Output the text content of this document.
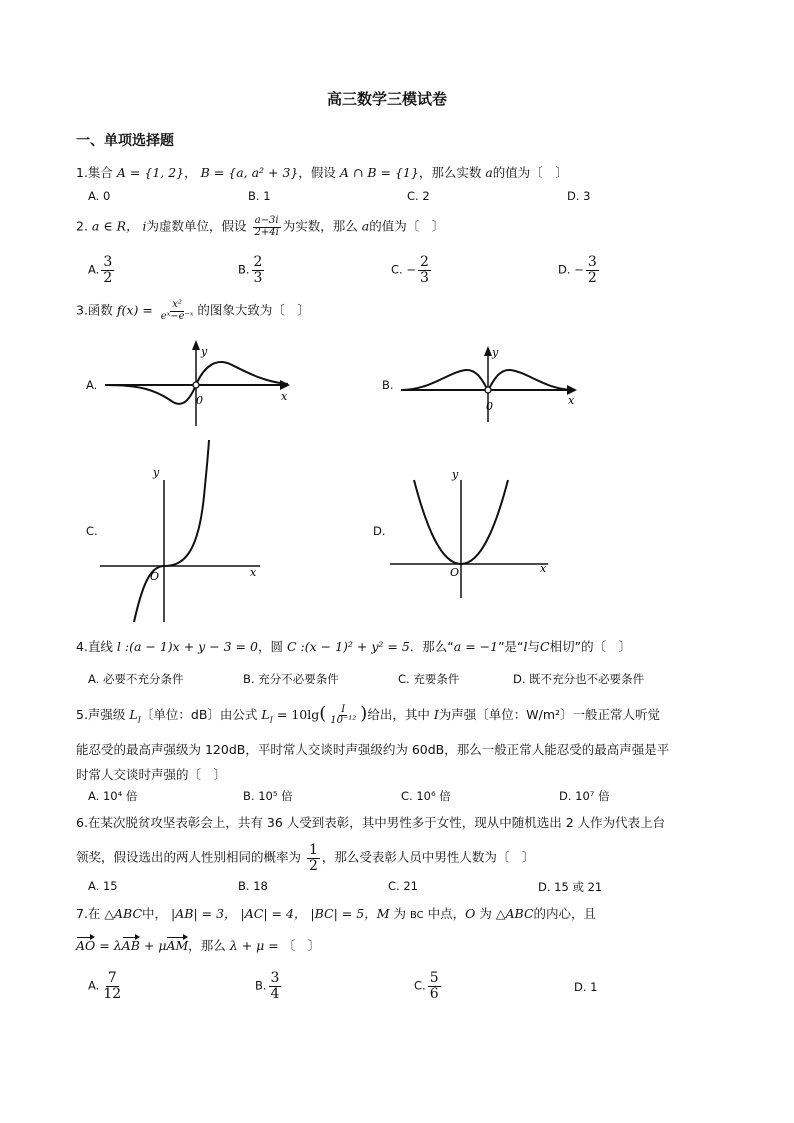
高三数学三模试卷
一、单项选择题
1.集合 A = {1, 2}， B = {a, a² + 3}，假设 A ∩ B = {1}，那么实数 a的值为〔　〕
A. 0	B. 1	C. 2	D. 3
2. a ∈ R， i为虚数单位，假设 $\frac{a-3i}{2+4i}$ 为实数，那么 a的值为〔　〕
A. $\frac{3}{2}$	B. $\frac{2}{3}$	C. − $\frac{2}{3}$	D. − $\frac{3}{2}$
3.函数 $f(x) = \frac{\text{x²}}{\text{eˣ−e⁻ˣ}}$ 的图象大致为〔　〕
A.
y
x
0
B.
y
x
0
C.
y
x
O
D.
y
x
O
4.直线 l :(a − 1)x + y − 3 = 0，圆 C :(x − 1)² + y² = 5．那么“a = −1”是“l与C相切”的〔　〕
A. 必要不充分条件	B. 充分不必要条件	C. 充要条件	D. 既不充分也不必要条件
5.声强级 $L_I$〔单位：dB〕由公式 $L_I = 10\lg( \frac{I}{\text{10⁻¹²}}$ )给出，其中 I为声强〔单位：W/m²〕一般正常人听觉
能忍受的最高声强级为 120dB，平时常人交谈时声强级约为 60dB，那么一般正常人能忍受的最高声强是平
时常人交谈时声强的〔　〕
A. 10⁴ 倍	B. 10⁵ 倍	C. 10⁶ 倍	D. 10⁷ 倍
6.在某次脱贫攻坚表彰会上，共有 36 人受到表彰，其中男性多于女性，现从中随机选出 2 人作为代表上台
领奖，假设选出的两人性别相同的概率为 $\frac{1}{2}$ ，那么受表彰人员中男性人数为〔　〕
A. 15	B. 18	C. 21	D. 15 或 21
7.在 △ABC中， |AB| = 3， |AC| = 4， |BC| = 5，M 为 BC 中点，O 为 △ABC的内心，且
AO = λAB + μAM，那么 λ + μ = 〔　〕
A. $\frac{7}{12}$	B. $\frac{3}{4}$	C. $\frac{5}{6}$	D. 1
